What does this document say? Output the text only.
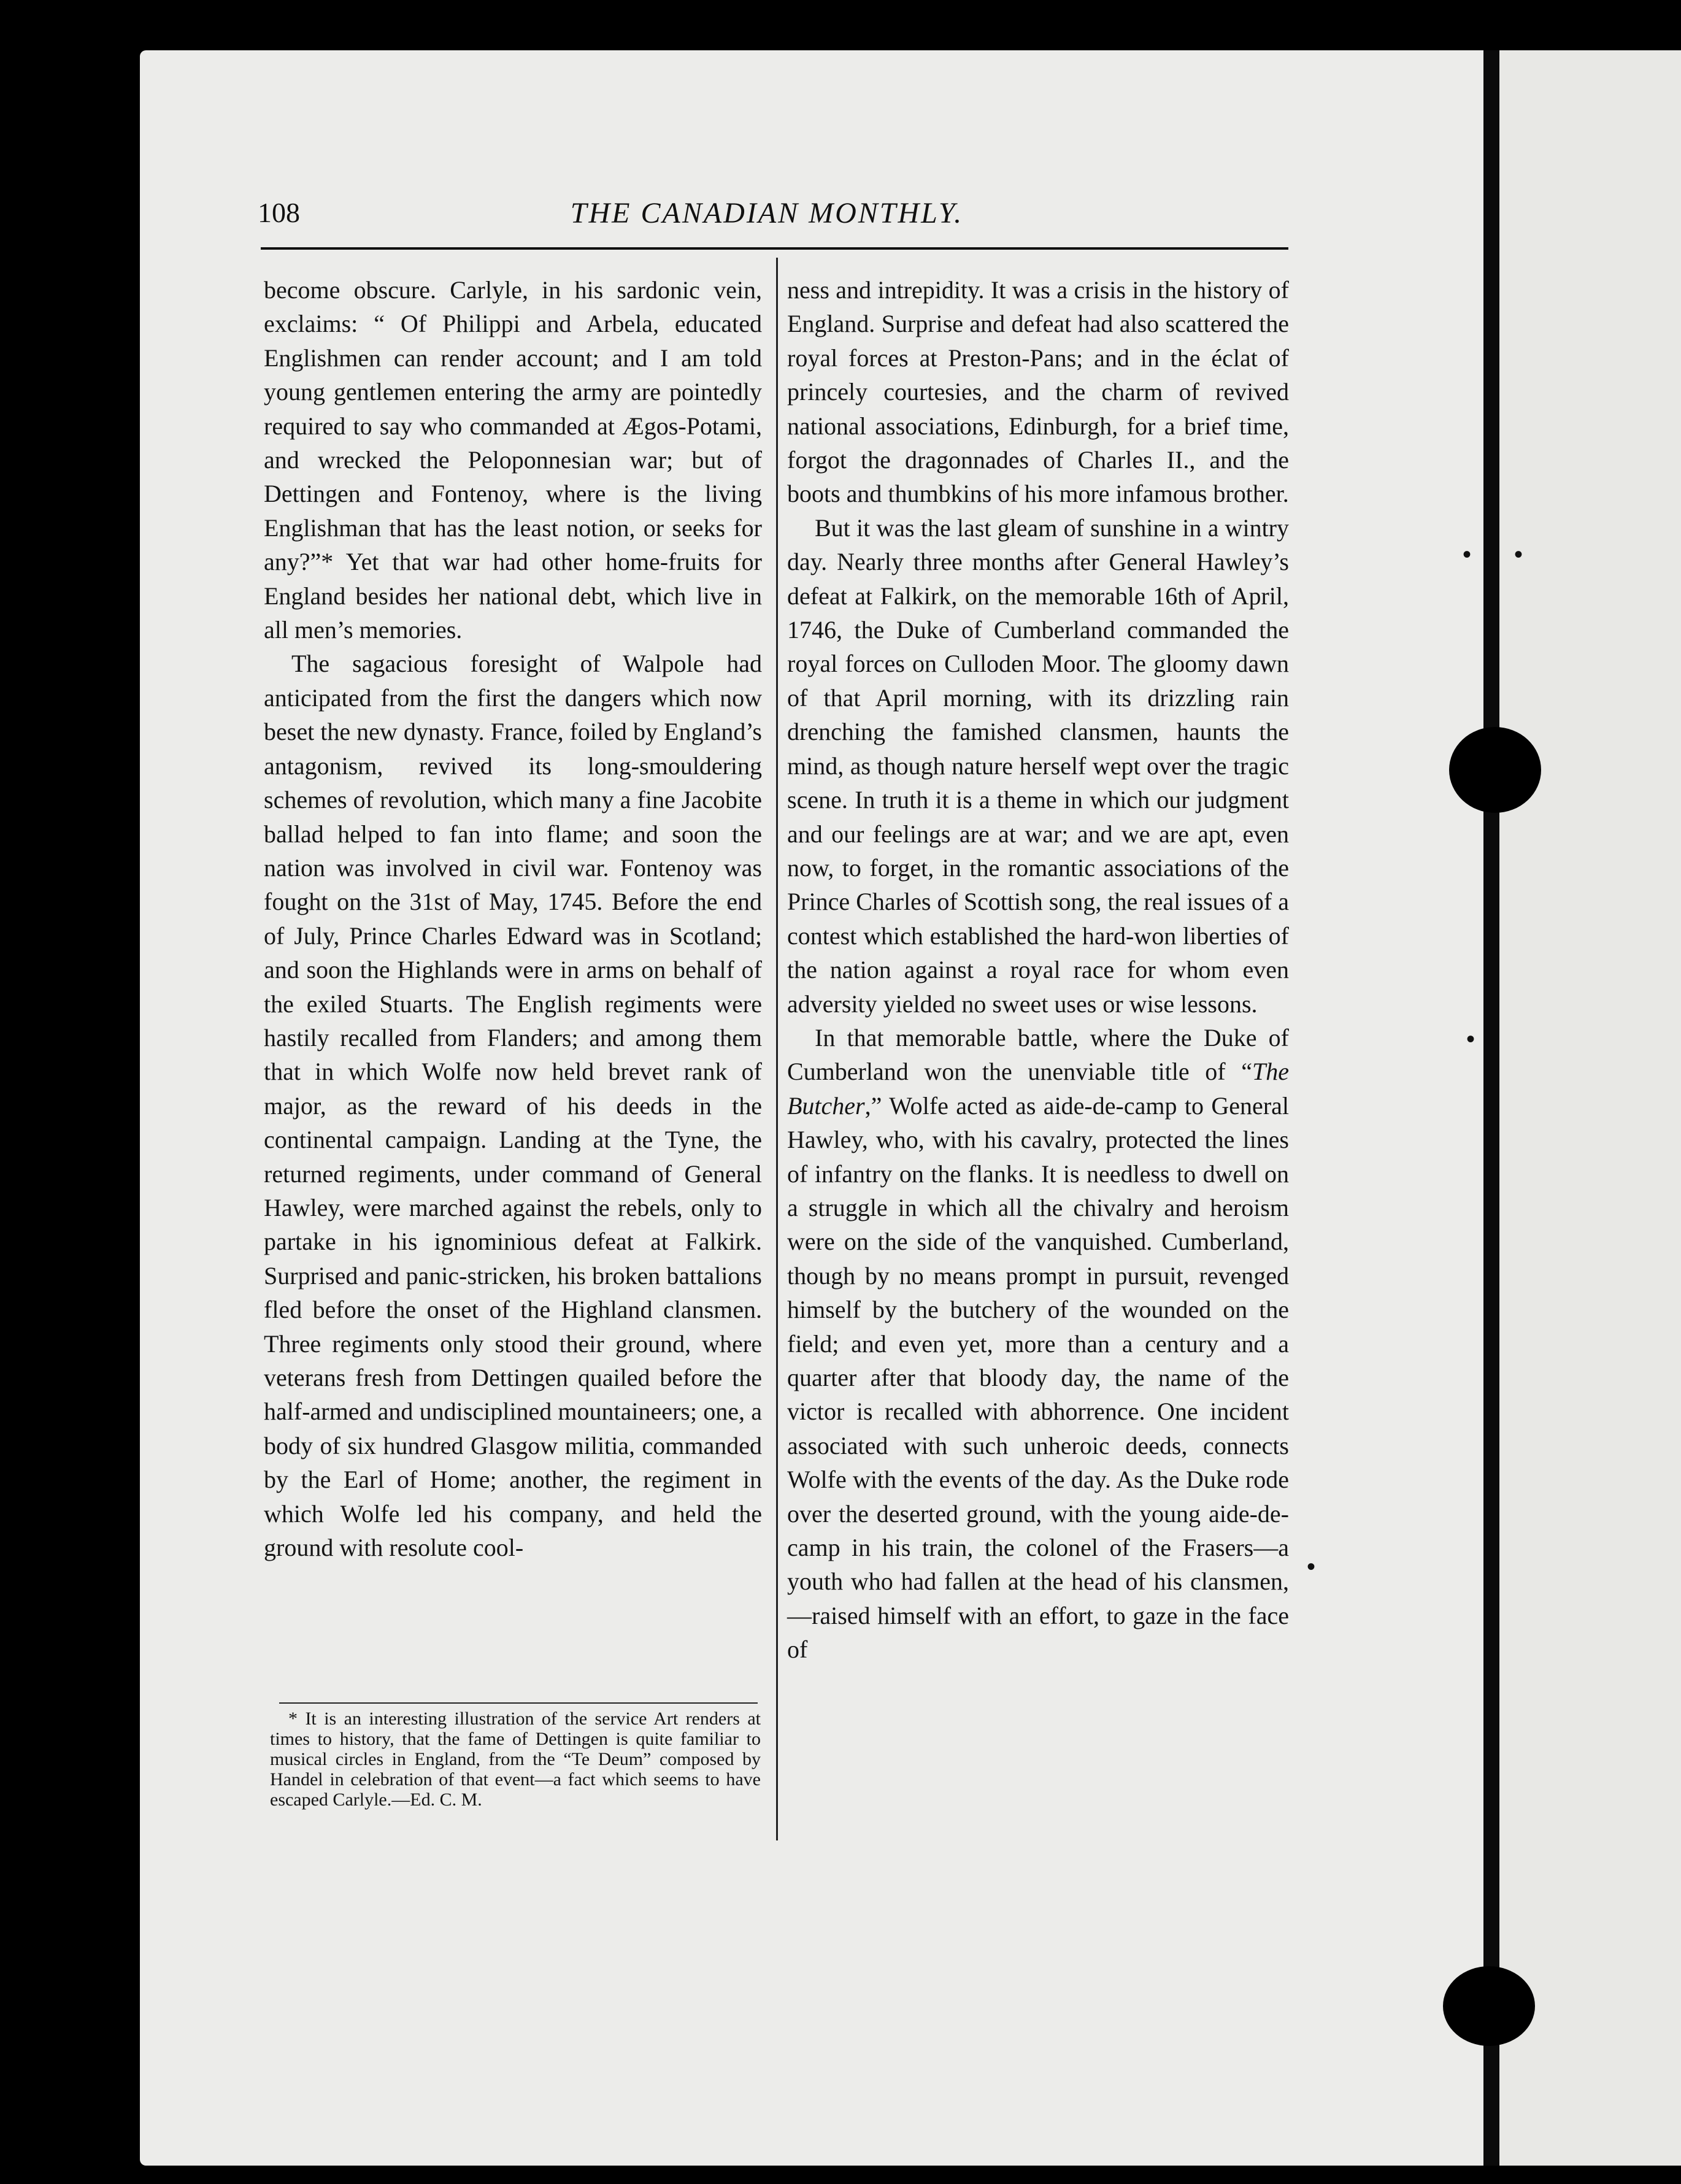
• •
•
•
108	THE CANADIAN MONTHLY.

become obscure. Carlyle, in his sardonic vein, exclaims: “ Of Philippi and Arbela, educated Englishmen can render account; and I am told young gentlemen entering the army are pointedly required to say who commanded at Ægos-Potami, and wrecked the Peloponnesian war; but of Dettingen and Fontenoy, where is the living Englishman that has the least notion, or seeks for any?”* Yet that war had other home-fruits for England besides her national debt, which live in all men’s memories.

The sagacious foresight of Walpole had anticipated from the first the dangers which now beset the new dynasty. France, foiled by England’s antagonism, revived its long-smouldering schemes of revolution, which many a fine Jacobite ballad helped to fan into flame; and soon the nation was involved in civil war. Fontenoy was fought on the 31st of May, 1745. Before the end of July, Prince Charles Edward was in Scotland; and soon the Highlands were in arms on behalf of the exiled Stuarts. The English regiments were hastily recalled from Flanders; and among them that in which Wolfe now held brevet rank of major, as the reward of his deeds in the continental campaign. Landing at the Tyne, the returned regiments, under command of General Hawley, were marched against the rebels, only to partake in his ignominious defeat at Falkirk. Surprised and panic-stricken, his broken battalions fled before the onset of the Highland clansmen. Three regiments only stood their ground, where veterans fresh from Dettingen quailed before the half-armed and undisciplined mountaineers; one, a body of six hundred Glasgow militia, commanded by the Earl of Home; another, the regiment in which Wolfe led his company, and held the ground with resolute cool-

* It is an interesting illustration of the service Art renders at times to history, that the fame of Dettingen is quite familiar to musical circles in England, from the “Te Deum” composed by Handel in celebration of that event—a fact which seems to have escaped Carlyle.—Ed. C. M.

ness and intrepidity. It was a crisis in the history of England. Surprise and defeat had also scattered the royal forces at Preston-Pans; and in the éclat of princely courtesies, and the charm of revived national associations, Edinburgh, for a brief time, forgot the dragonnades of Charles II., and the boots and thumbkins of his more infamous brother.

But it was the last gleam of sunshine in a wintry day. Nearly three months after General Hawley’s defeat at Falkirk, on the memorable 16th of April, 1746, the Duke of Cumberland commanded the royal forces on Culloden Moor. The gloomy dawn of that April morning, with its drizzling rain drenching the famished clansmen, haunts the mind, as though nature herself wept over the tragic scene. In truth it is a theme in which our judgment and our feelings are at war; and we are apt, even now, to forget, in the romantic associations of the Prince Charles of Scottish song, the real issues of a contest which established the hard-won liberties of the nation against a royal race for whom even adversity yielded no sweet uses or wise lessons.

In that memorable battle, where the Duke of Cumberland won the unenviable title of “The Butcher,” Wolfe acted as aide-de-camp to General Hawley, who, with his cavalry, protected the lines of infantry on the flanks. It is needless to dwell on a struggle in which all the chivalry and heroism were on the side of the vanquished. Cumberland, though by no means prompt in pursuit, revenged himself by the butchery of the wounded on the field; and even yet, more than a century and a quarter after that bloody day, the name of the victor is recalled with abhorrence. One incident associated with such unheroic deeds, connects Wolfe with the events of the day. As the Duke rode over the deserted ground, with the young aide-de-camp in his train, the colonel of the Frasers—a youth who had fallen at the head of his clansmen,—raised himself with an effort, to gaze in the face of
